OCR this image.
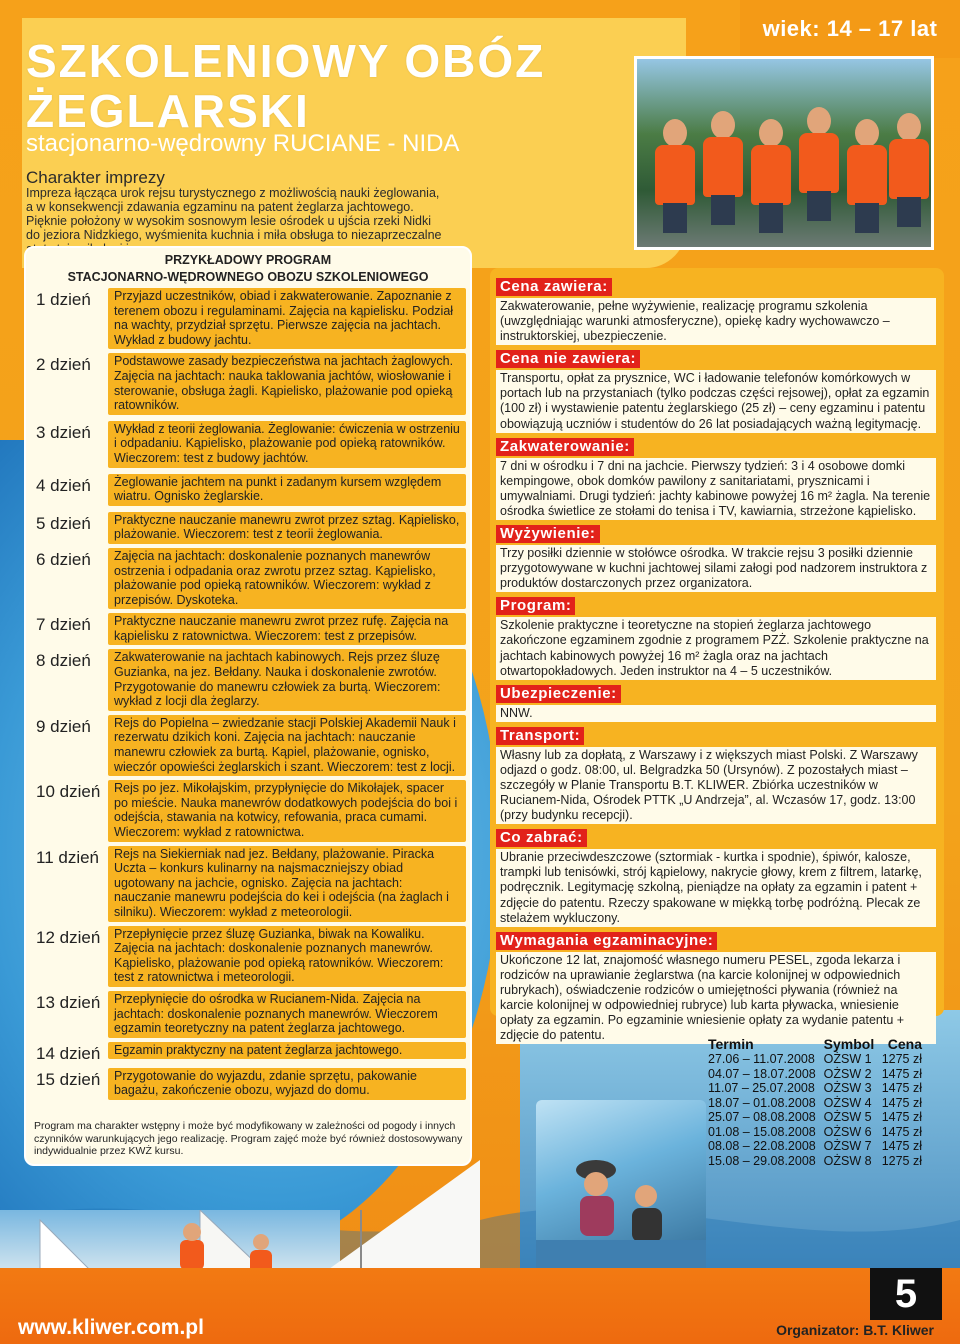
wiek: 14 – 17 lat
SZKOLENIOWY OBÓZ
ŻEGLARSKI
stacjonarno-wędrowny RUCIANE - NIDA
Charakter imprezy
Impreza łącząca urok rejsu turystycznego z możliwością nauki żeglowania, a w konsekwencji zdawania egzaminu na patent żeglarza jachtowego. Pięknie położony w wysokim sosnowym lesie ośrodek u ujścia rzeki Nidki do jeziora Nidzkiego, wyśmienita kuchnia i miła obsługa to niezaprzeczalne
PRZYKŁADOWY PROGRAM
STACJONARNO-WĘDROWNEGO OBOZU SZKOLENIOWEGO
1 dzień	Przyjazd uczestników, obiad i zakwaterowanie. Zapoznanie z terenem obozu i regulaminami. Zajęcia na kąpielisku. Podział na wachty, przydział sprzętu. Pierwsze zajęcia na jachtach. Wykład z budowy jachtu.
2 dzień	Podstawowe zasady bezpieczeństwa na jachtach żaglowych. Zajęcia na jachtach: nauka taklowania jachtów, wiosłowanie i sterowanie, obsługa żagli. Kąpielisko, plażowanie pod opieką ratowników.
3 dzień	Wykład z teorii żeglowania. Żeglowanie: ćwiczenia w ostrzeniu i odpadaniu. Kąpielisko, plażowanie pod opieką ratowników. Wieczorem: test z budowy jachtów.
4 dzień	Żeglowanie jachtem na punkt i zadanym kursem względem wiatru. Ognisko żeglarskie.
5 dzień	Praktyczne nauczanie manewru zwrot przez sztag. Kąpielisko, plażowanie. Wieczorem: test z teorii żeglowania.
6 dzień	Zajęcia na jachtach: doskonalenie poznanych manewrów ostrzenia i odpadania oraz zwrotu przez sztag. Kąpielisko, plażowanie pod opieką ratowników. Wieczorem: wykład z przepisów. Dyskoteka.
7 dzień	Praktyczne nauczanie manewru zwrot przez rufę. Zajęcia na kąpielisku z ratownictwa. Wieczorem: test z przepisów.
8 dzień	Zakwaterowanie na jachtach kabinowych. Rejs przez śluzę Guzianka, na jez. Bełdany. Nauka i doskonalenie zwrotów. Przygotowanie do manewru człowiek za burtą. Wieczorem: wykład z locji dla żeglarzy.
9 dzień	Rejs do Popielna – zwiedzanie stacji Polskiej Akademii Nauk i rezerwatu dzikich koni. Zajęcia na jachtach: nauczanie manewru człowiek za burtą. Kąpiel, plażowanie, ognisko, wieczór opowieści żeglarskich i szant. Wieczorem: test z locji.
10 dzień	Rejs po jez. Mikołajskim, przypłynięcie do Mikołajek, spacer po mieście. Nauka manewrów dodatkowych podejścia do boi i odejścia, stawania na kotwicy, refowania, praca cumami. Wieczorem: wykład z ratownictwa.
11 dzień	Rejs na Siekierniak nad jez. Bełdany, plażowanie. Piracka Uczta – konkurs kulinarny na najsmaczniejszy obiad ugotowany na jachcie, ognisko. Zajęcia na jachtach: nauczanie manewru podejścia do kei i odejścia (na żaglach i silniku). Wieczorem: wykład z meteorologii.
12 dzień	Przepłynięcie przez śluzę Guzianka, biwak na Kowaliku. Zajęcia na jachtach: doskonalenie poznanych manewrów. Kąpielisko, plażowanie pod opieką ratowników. Wieczorem: test z ratownictwa i meteorologii.
13 dzień	Przepłynięcie do ośrodka w Rucianem-Nida. Zajęcia na jachtach: doskonalenie poznanych manewrów. Wieczorem egzamin teoretyczny na patent żeglarza jachtowego.
14 dzień	Egzamin praktyczny na patent żeglarza jachtowego.
15 dzień	Przygotowanie do wyjazdu, zdanie sprzętu, pakowanie bagażu, zakończenie obozu, wyjazd do domu.
Program ma charakter wstępny i może być modyfikowany w zależności od pogody i innych czynników warunkujących jego realizację. Program zajęć może być również dostosowywany indywidualnie przez KWŻ kursu.
Cena zawiera:
Zakwaterowanie, pełne wyżywienie, realizację programu szkolenia (uwzględniając warunki atmosferyczne), opiekę kadry wychowawczo – instruktorskiej, ubezpieczenie.
Cena nie zawiera:
Transportu, opłat za prysznice, WC i ładowanie telefonów komórkowych w portach lub na przystaniach (tylko podczas części rejsowej), opłat za egzamin (100 zł) i wystawienie patentu żeglarskiego (25 zł) – ceny egzaminu i patentu obowiązują uczniów i studentów do 26 lat posiadających ważną legitymację.
Zakwaterowanie:
7 dni w ośrodku i 7 dni na jachcie. Pierwszy tydzień: 3 i 4 osobowe domki kempingowe, obok domków pawilony z sanitariatami, prysznicami i umywalniami. Drugi tydzień: jachty kabinowe powyżej 16 m² żagla. Na terenie ośrodka świetlice ze stołami do tenisa i TV, kawiarnia, strzeżone kąpielisko.
Wyżywienie:
Trzy posiłki dziennie w stołówce ośrodka. W trakcie rejsu 3 posiłki dziennie przygotowywane w kuchni jachtowej silami załogi pod nadzorem instruktora z produktów dostarczonych przez organizatora.
Program:
Szkolenie praktyczne i teoretyczne na stopień żeglarza jachtowego zakończone egzaminem zgodnie z programem PZŻ. Szkolenie praktyczne na jachtach kabinowych powyżej 16 m² żagla oraz na jachtach otwartopokładowych. Jeden instruktor na 4 – 5 uczestników.
Ubezpieczenie:
NNW.
Transport:
Własny lub za dopłatą, z Warszawy i z większych miast Polski. Z Warszawy odjazd o godz. 08:00, ul. Belgradzka 50 (Ursynów). Z pozostałych miast – szczegóły w Planie Transportu B.T. KLIWER. Zbiórka uczestników w Rucianem-Nida, Ośrodek PTTK „U Andrzeja”, al. Wczasów 17, godz. 13:00 (przy budynku recepcji).
Co zabrać:
Ubranie przeciwdeszczowe (sztormiak - kurtka i spodnie), śpiwór, kalosze, trampki lub tenisówki, strój kąpielowy, nakrycie głowy, krem z filtrem, latarkę, podręcznik. Legitymację szkolną, pieniądze na opłaty za egzamin i patent + zdjęcie do patentu. Rzeczy spakowane w miękką torbę podróżną. Plecak ze stelażem wykluczony.
Wymagania egzaminacyjne:
Ukończone 12 lat, znajomość własnego numeru PESEL, zgoda lekarza i rodziców na uprawianie żeglarstwa (na karcie kolonijnej w odpowiednich rubrykach), oświadczenie rodziców o umiejętności pływania (również na karcie kolonijnej w odpowiedniej rubryce) lub karta pływacka, wniesienie opłaty za egzamin. Po egzaminie wniesienie opłaty za wydanie patentu + zdjęcie do patentu.
Termin	Symbol	Cena
27.06 – 11.07.2008	OŻSW 1	1275 zł
04.07 – 18.07.2008	OŻSW 2	1475 zł
11.07 – 25.07.2008	OŻSW 3	1475 zł
18.07 – 01.08.2008	OŻSW 4	1475 zł
25.07 – 08.08.2008	OŻSW 5	1475 zł
01.08 – 15.08.2008	OŻSW 6	1475 zł
08.08 – 22.08.2008	OŻSW 7	1475 zł
15.08 – 29.08.2008	OŻSW 8	1275 zł
www.kliwer.com.pl	Organizator: B.T. Kliwer
5
